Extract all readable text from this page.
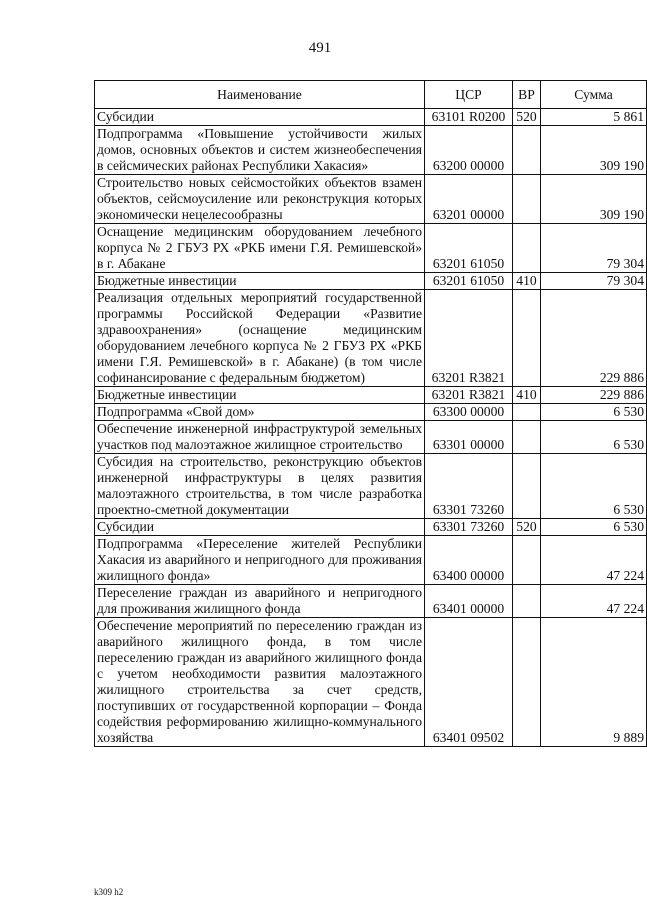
491
Наименование	ЦСР	ВР	Сумма
Субсидии	63101 R0200	520	5 861
Подпрограмма «Повышение устойчивости жилых домов, основных объектов и систем жизнеобеспечения в сейсмических районах Республики Хакасия»	63200 00000		309 190
Строительство новых сейсмостойких объектов взамен объектов, сейсмоусиление или реконструкция которых экономически нецелесообразны	63201 00000		309 190
Оснащение медицинским оборудованием лечебного корпуса № 2 ГБУЗ РХ «РКБ имени Г.Я. Ремишевской» в г. Абакане	63201 61050		79 304
Бюджетные инвестиции	63201 61050	410	79 304
Реализация отдельных мероприятий государственной программы Российской Федерации «Развитие здравоохранения» (оснащение медицинским оборудованием лечебного корпуса № 2 ГБУЗ РХ «РКБ имени Г.Я. Ремишевской» в г. Абакане) (в том числе софинансирование с федеральным бюджетом)	63201 R3821		229 886
Бюджетные инвестиции	63201 R3821	410	229 886
Подпрограмма «Свой дом»	63300 00000		6 530
Обеспечение инженерной инфраструктурой земельных участков под малоэтажное жилищное строительство	63301 00000		6 530
Субсидия на строительство, реконструкцию объектов инженерной инфраструктуры в целях развития малоэтажного строительства, в том числе разработка проектно-сметной документации	63301 73260		6 530
Субсидии	63301 73260	520	6 530
Подпрограмма «Переселение жителей Республики Хакасия из аварийного и непригодного для проживания жилищного фонда»	63400 00000		47 224
Переселение граждан из аварийного и непригодного для проживания жилищного фонда	63401 00000		47 224
Обеспечение мероприятий по переселению граждан из аварийного жилищного фонда, в том числе переселению граждан из аварийного жилищного фонда с учетом необходимости развития малоэтажного жилищного строительства за счет средств, поступивших от государственной корпорации – Фонда содействия реформированию жилищно-коммунального хозяйства	63401 09502		9 889
k309 h2
